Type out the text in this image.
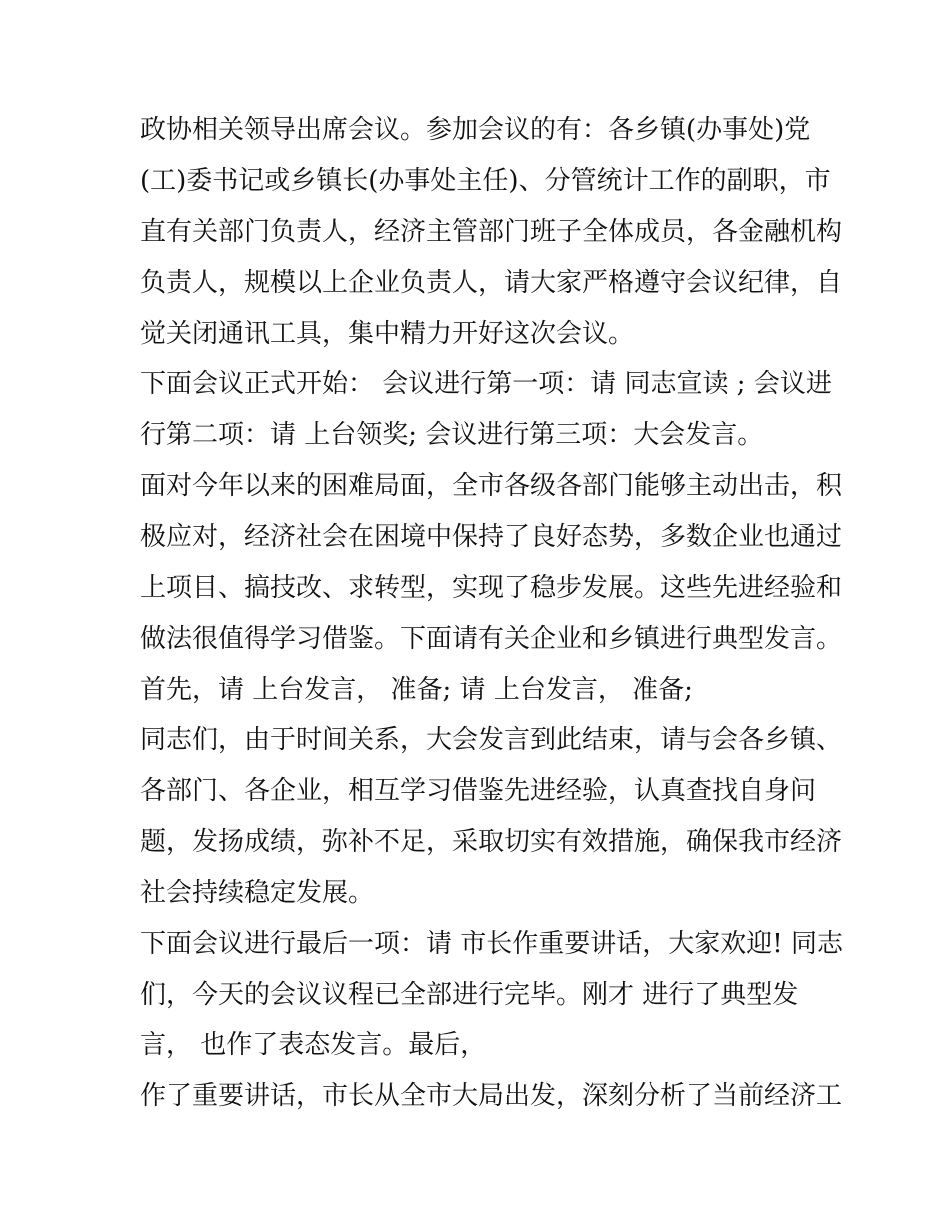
政协相关领导出席会议。参加会议的有：各乡镇(办事处)党
(工)委书记或乡镇长(办事处主任)、分管统计工作的副职，市
直有关部门负责人，经济主管部门班子全体成员，各金融机构
负责人，规模以上企业负责人，请大家严格遵守会议纪律，自
觉关闭通讯工具，集中精力开好这次会议。
下面会议正式开始： 会议进行第一项：请 同志宣读 ; 会议进
行第二项：请 上台领奖; 会议进行第三项：大会发言。
面对今年以来的困难局面，全市各级各部门能够主动出击，积
极应对，经济社会在困境中保持了良好态势，多数企业也通过
上项目、搞技改、求转型，实现了稳步发展。这些先进经验和
做法很值得学习借鉴。下面请有关企业和乡镇进行典型发言。
首先，请 上台发言， 准备; 请 上台发言， 准备;
同志们，由于时间关系，大会发言到此结束，请与会各乡镇、
各部门、各企业，相互学习借鉴先进经验，认真查找自身问
题，发扬成绩，弥补不足，采取切实有效措施，确保我市经济
社会持续稳定发展。
下面会议进行最后一项：请 市长作重要讲话，大家欢迎! 同志
们，今天的会议议程已全部进行完毕。刚才 进行了典型发
言， 也作了表态发言。最后，
作了重要讲话，市长从全市大局出发，深刻分析了当前经济工
